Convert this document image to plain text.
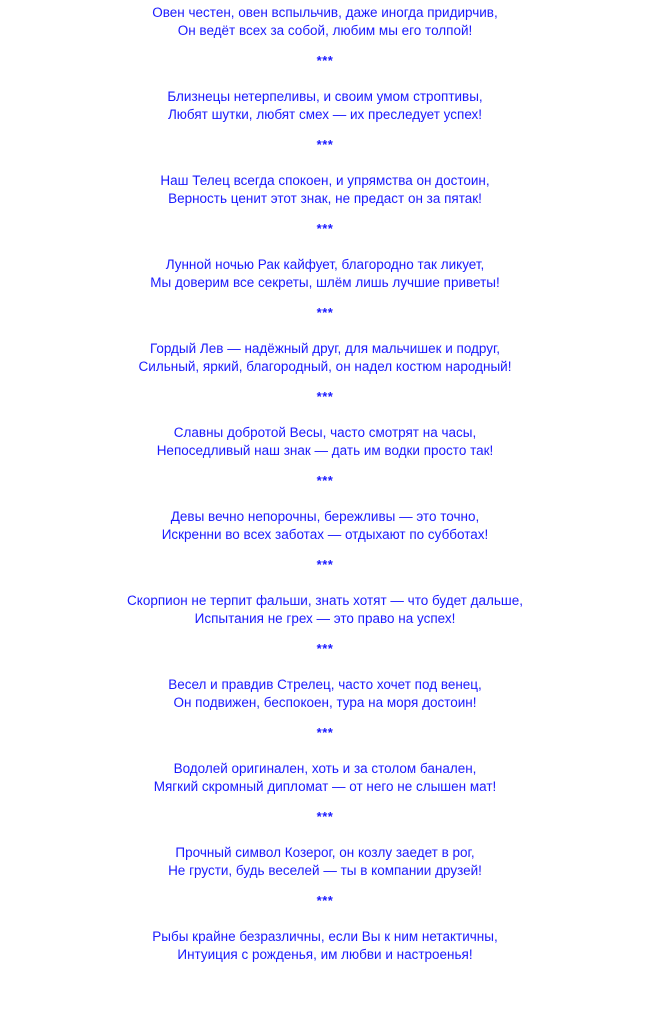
Овен честен, овен вспыльчив, даже иногда придирчив,
Он ведёт всех за собой, любим мы его толпой!
***
Близнецы нетерпеливы, и своим умом строптивы,
Любят шутки, любят смех — их преследует успех!
***
Наш Телец всегда спокоен, и упрямства он достоин,
Верность ценит этот знак, не предаст он за пятак!
***
Лунной ночью Рак кайфует, благородно так ликует,
Мы доверим все секреты, шлём лишь лучшие приветы!
***
Гордый Лев — надёжный друг, для мальчишек и подруг,
Сильный, яркий, благородный, он надел костюм народный!
***
Славны добротой Весы, часто смотрят на часы,
Непоседливый наш знак — дать им водки просто так!
***
Девы вечно непорочны, бережливы — это точно,
Искренни во всех заботах — отдыхают по субботах!
***
Скорпион не терпит фальши, знать хотят — что будет дальше,
Испытания не грех — это право на успех!
***
Весел и правдив Стрелец, часто хочет под венец,
Он подвижен, беспокоен, тура на моря достоин!
***
Водолей оригинален, хоть и за столом банален,
Мягкий скромный дипломат — от него не слышен мат!
***
Прочный символ Козерог, он козлу заедет в рог,
Не грусти, будь веселей — ты в компании друзей!
***
Рыбы крайне безразличны, если Вы к ним нетактичны,
Интуиция с рожденья, им любви и настроенья!
